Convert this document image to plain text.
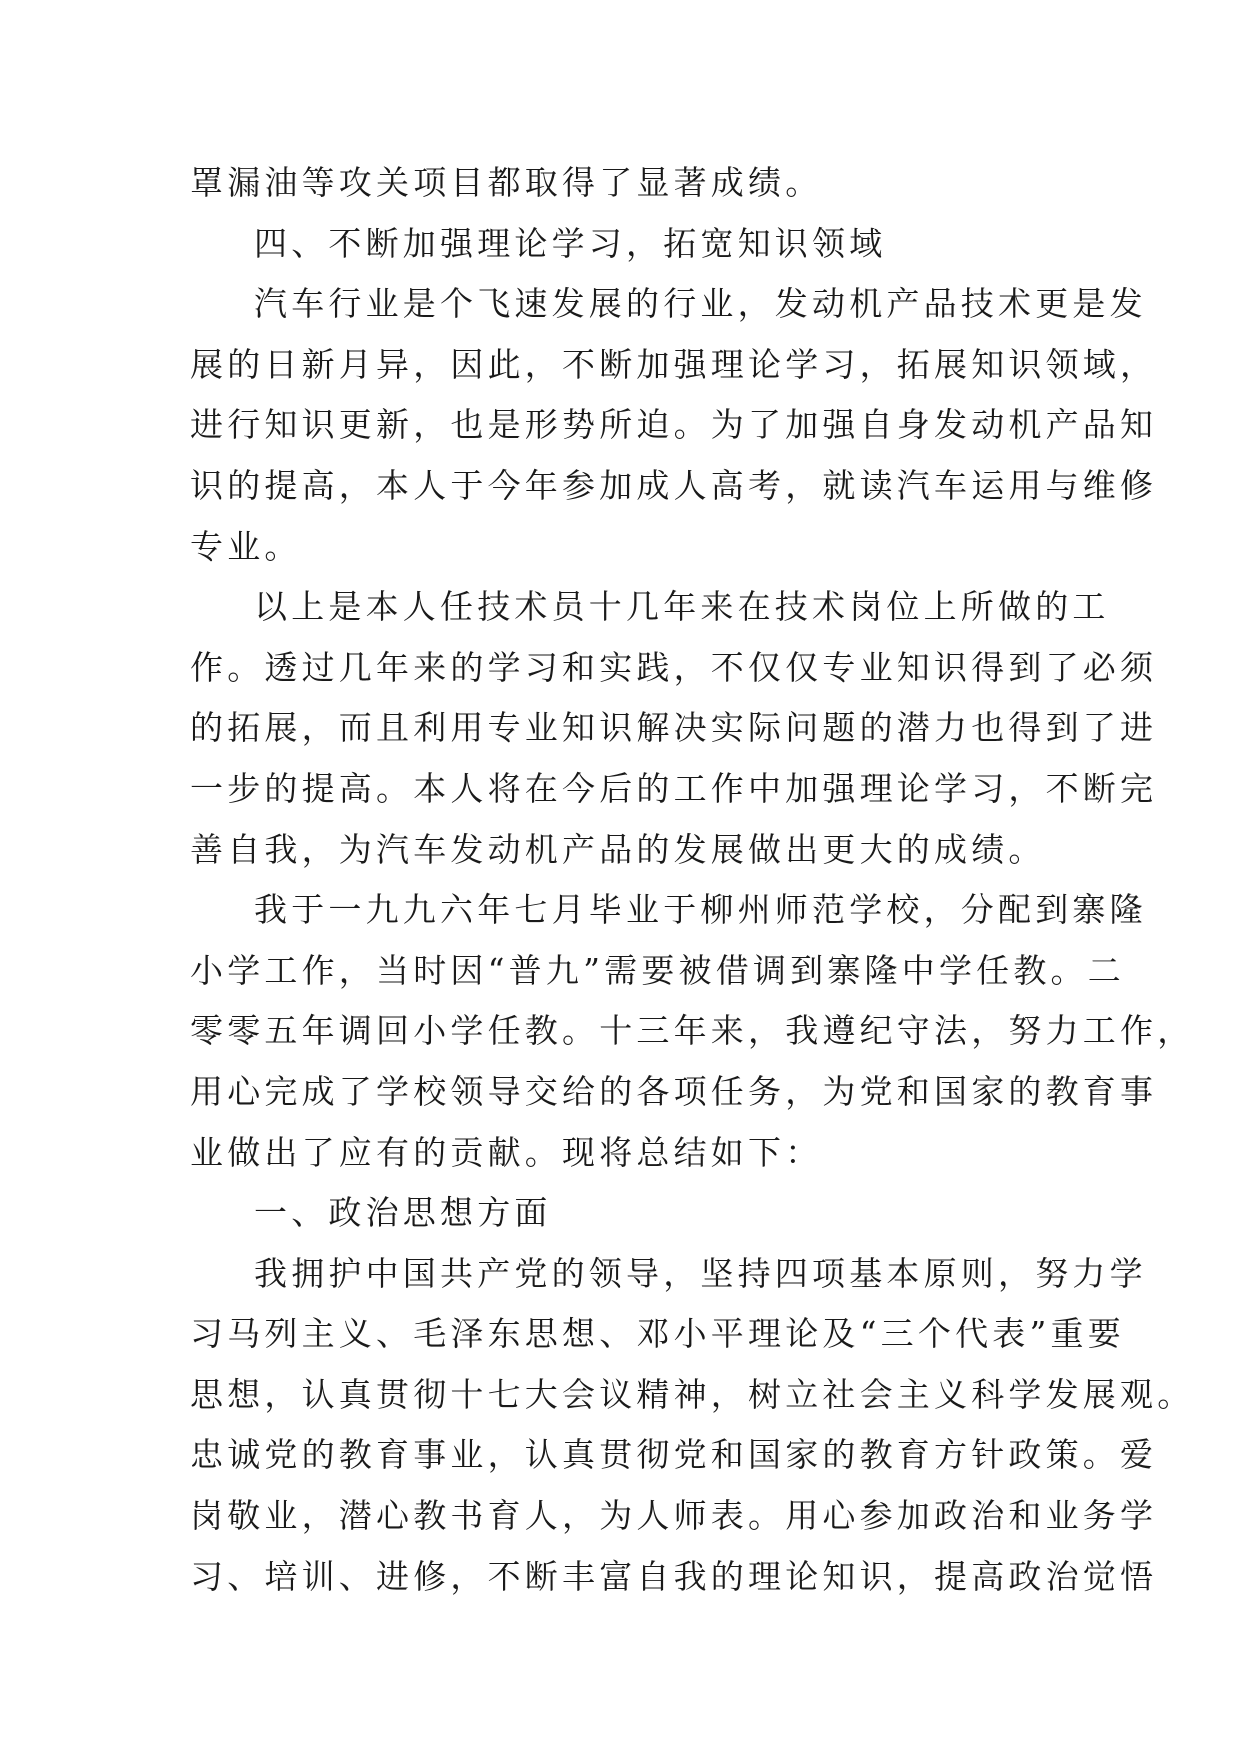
罩漏油等攻关项目都取得了显著成绩。
四、不断加强理论学习，拓宽知识领域
汽车行业是个飞速发展的行业，发动机产品技术更是发
展的日新月异，因此，不断加强理论学习，拓展知识领域，
进行知识更新，也是形势所迫。为了加强自身发动机产品知
识的提高，本人于今年参加成人高考，就读汽车运用与维修
专业。
以上是本人任技术员十几年来在技术岗位上所做的工
作。透过几年来的学习和实践，不仅仅专业知识得到了必须
的拓展，而且利用专业知识解决实际问题的潜力也得到了进
一步的提高。本人将在今后的工作中加强理论学习，不断完
善自我，为汽车发动机产品的发展做出更大的成绩。
我于一九九六年七月毕业于柳州师范学校，分配到寨隆
小学工作，当时因“普九”需要被借调到寨隆中学任教。二
零零五年调回小学任教。十三年来，我遵纪守法，努力工作，
用心完成了学校领导交给的各项任务，为党和国家的教育事
业做出了应有的贡献。现将总结如下：
一、政治思想方面
我拥护中国共产党的领导，坚持四项基本原则，努力学
习马列主义、毛泽东思想、邓小平理论及“三个代表”重要
思想，认真贯彻十七大会议精神，树立社会主义科学发展观。
忠诚党的教育事业，认真贯彻党和国家的教育方针政策。爱
岗敬业，潜心教书育人，为人师表。用心参加政治和业务学
习、培训、进修，不断丰富自我的理论知识，提高政治觉悟
